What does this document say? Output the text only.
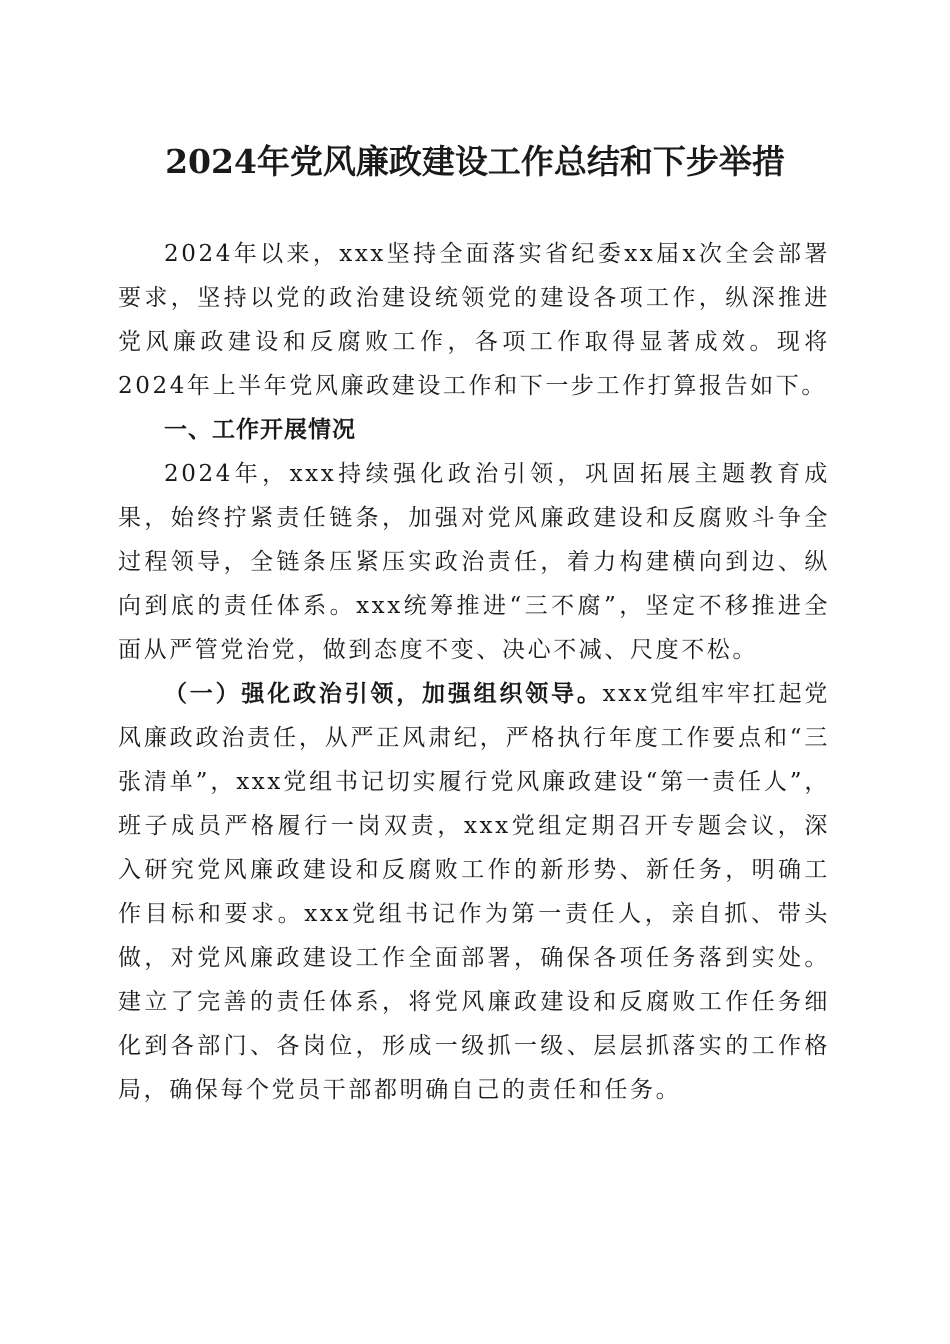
2024年党风廉政建设工作总结和下步举措

2024年以来，xxx坚持全面落实省纪委xx届x次全会部署要求，坚持以党的政治建设统领党的建设各项工作，纵深推进党风廉政建设和反腐败工作，各项工作取得显著成效。现将2024年上半年党风廉政建设工作和下一步工作打算报告如下。

一、工作开展情况

2024年，xxx持续强化政治引领，巩固拓展主题教育成果，始终拧紧责任链条，加强对党风廉政建设和反腐败斗争全过程领导，全链条压紧压实政治责任，着力构建横向到边、纵向到底的责任体系。xxx统筹推进“三不腐”，坚定不移推进全面从严管党治党，做到态度不变、决心不减、尺度不松。

（一）强化政治引领，加强组织领导。xxx党组牢牢扛起党风廉政政治责任，从严正风肃纪，严格执行年度工作要点和“三张清单”，xxx党组书记切实履行党风廉政建设“第一责任人”，班子成员严格履行一岗双责，xxx党组定期召开专题会议，深入研究党风廉政建设和反腐败工作的新形势、新任务，明确工作目标和要求。xxx党组书记作为第一责任人，亲自抓、带头做，对党风廉政建设工作全面部署，确保各项任务落到实处。建立了完善的责任体系，将党风廉政建设和反腐败工作任务细化到各部门、各岗位，形成一级抓一级、层层抓落实的工作格局，确保每个党员干部都明确自己的责任和任务。
